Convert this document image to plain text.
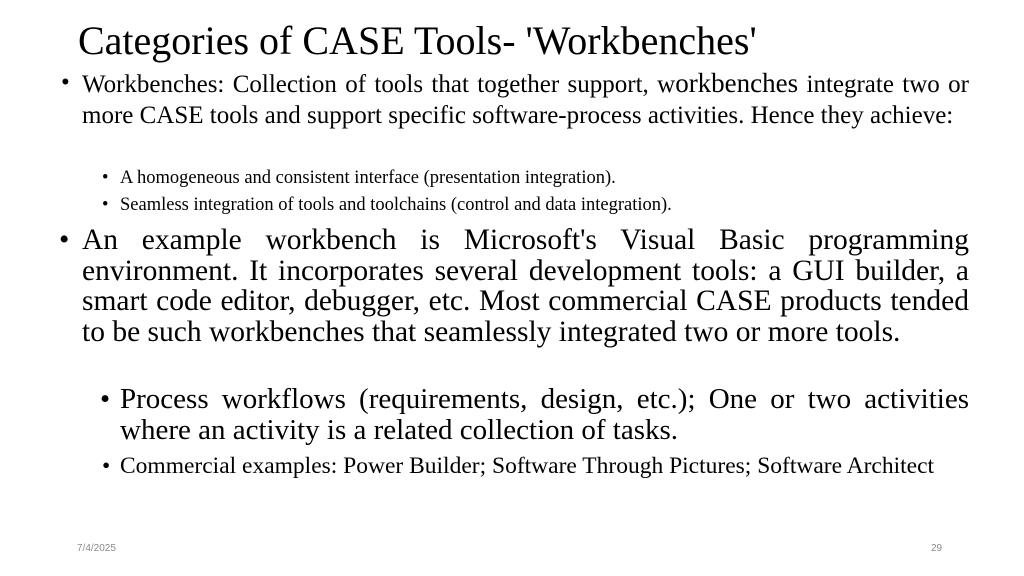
Categories of CASE Tools- 'Workbenches'
• Workbenches: Collection of tools that together support, workbenches integrate two or more CASE tools and support specific software-process activities. Hence they achieve:

• A homogeneous and consistent interface (presentation integration).

• Seamless integration of tools and toolchains (control and data integration).

• An example workbench is Microsoft's Visual Basic programming environment. It incorporates several development tools: a GUI builder, a smart code editor, debugger, etc. Most commercial CASE products tended to be such workbenches that seamlessly integrated two or more tools.

• Process workflows (requirements, design, etc.); One or two activities where an activity is a related collection of tasks.

• Commercial examples: Power Builder; Software Through Pictures; Software Architect

7/4/2025	29
